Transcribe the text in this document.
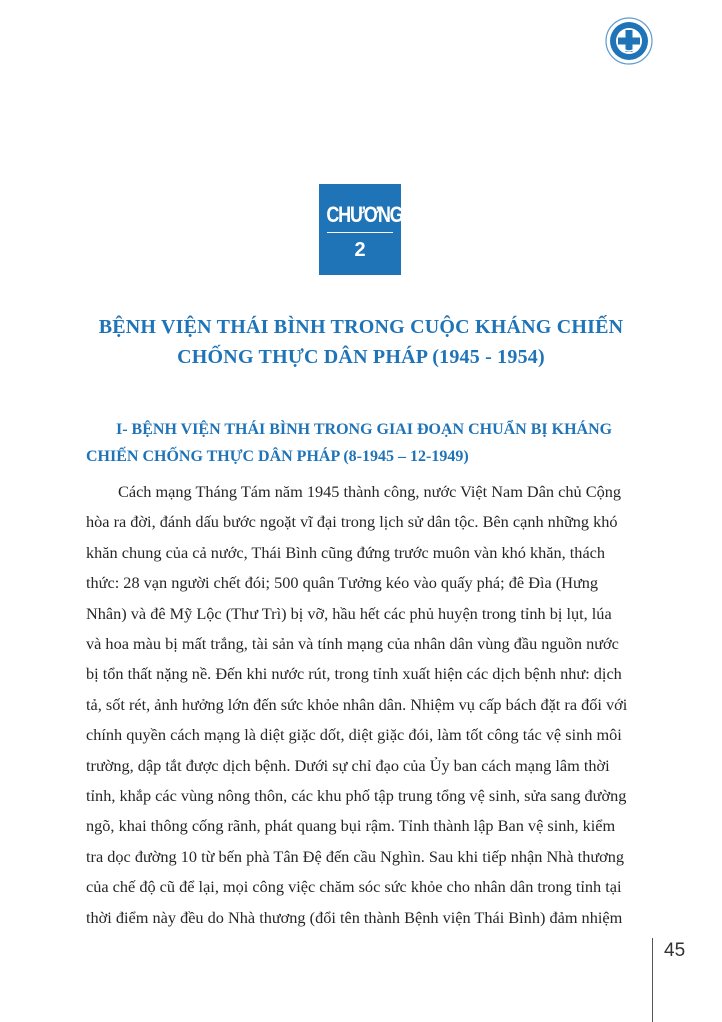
CHƯƠNG
2
BỆNH VIỆN THÁI BÌNH TRONG CUỘC KHÁNG CHIẾN
CHỐNG THỰC DÂN PHÁP (1945 - 1954)
I- BỆNH VIỆN THÁI BÌNH TRONG GIAI ĐOẠN CHUẨN BỊ KHÁNG
CHIẾN CHỐNG THỰC DÂN PHÁP (8-1945 – 12-1949)
Cách mạng Tháng Tám năm 1945 thành công, nước Việt Nam Dân chủ Cộng
hòa ra đời, đánh dấu bước ngoặt vĩ đại trong lịch sử dân tộc. Bên cạnh những khó
khăn chung của cả nước, Thái Bình cũng đứng trước muôn vàn khó khăn, thách
thức: 28 vạn người chết đói; 500 quân Tưởng kéo vào quấy phá; đê Đìa (Hưng
Nhân) và đê Mỹ Lộc (Thư Trì) bị vỡ, hầu hết các phủ huyện trong tỉnh bị lụt, lúa
và hoa màu bị mất trắng, tài sản và tính mạng của nhân dân vùng đầu nguồn nước
bị tổn thất nặng nề. Đến khi nước rút, trong tỉnh xuất hiện các dịch bệnh như: dịch
tả, sốt rét, ảnh hưởng lớn đến sức khỏe nhân dân. Nhiệm vụ cấp bách đặt ra đối với
chính quyền cách mạng là diệt giặc dốt, diệt giặc đói, làm tốt công tác vệ sinh môi
trường, dập tắt được dịch bệnh. Dưới sự chỉ đạo của Ủy ban cách mạng lâm thời
tỉnh, khắp các vùng nông thôn, các khu phố tập trung tổng vệ sinh, sửa sang đường
ngõ, khai thông cống rãnh, phát quang bụi rậm. Tỉnh thành lập Ban vệ sinh, kiểm
tra dọc đường 10 từ bến phà Tân Đệ đến cầu Nghìn. Sau khi tiếp nhận Nhà thương
của chế độ cũ để lại, mọi công việc chăm sóc sức khỏe cho nhân dân trong tỉnh tại
thời điểm này đều do Nhà thương (đổi tên thành Bệnh viện Thái Bình) đảm nhiệm
45
